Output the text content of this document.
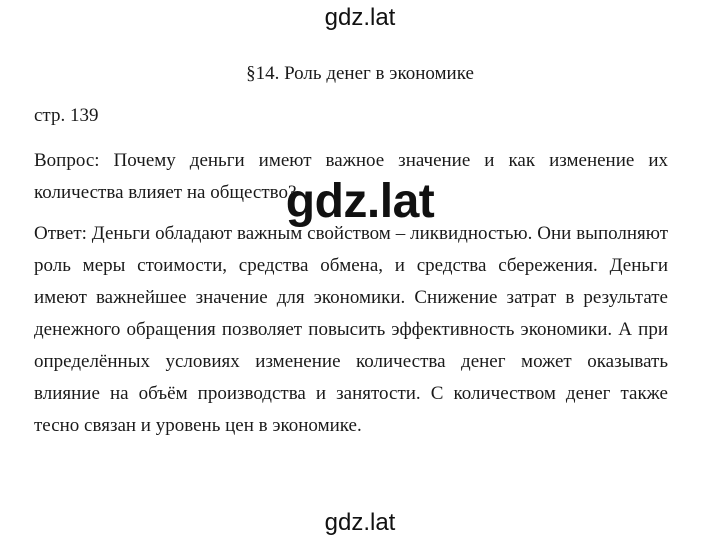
gdz.lat
§14. Роль денег в экономике
стр. 139
Вопрос: Почему деньги имеют важное значение и как изменение их количества влияет на общество?
Ответ: Деньги обладают важным свойством – ликвидностью. Они выполняют роль меры стоимости, средства обмена, и средства сбережения. Деньги имеют важнейшее значение для экономики. Снижение затрат в результате денежного обращения позволяет повысить эффективность экономики. А при определённых условиях изменение количества денег может оказывать влияние на объём производства и занятости. С количеством денег также тесно связан и уровень цен в экономике.
gdz.lat
gdz.lat
